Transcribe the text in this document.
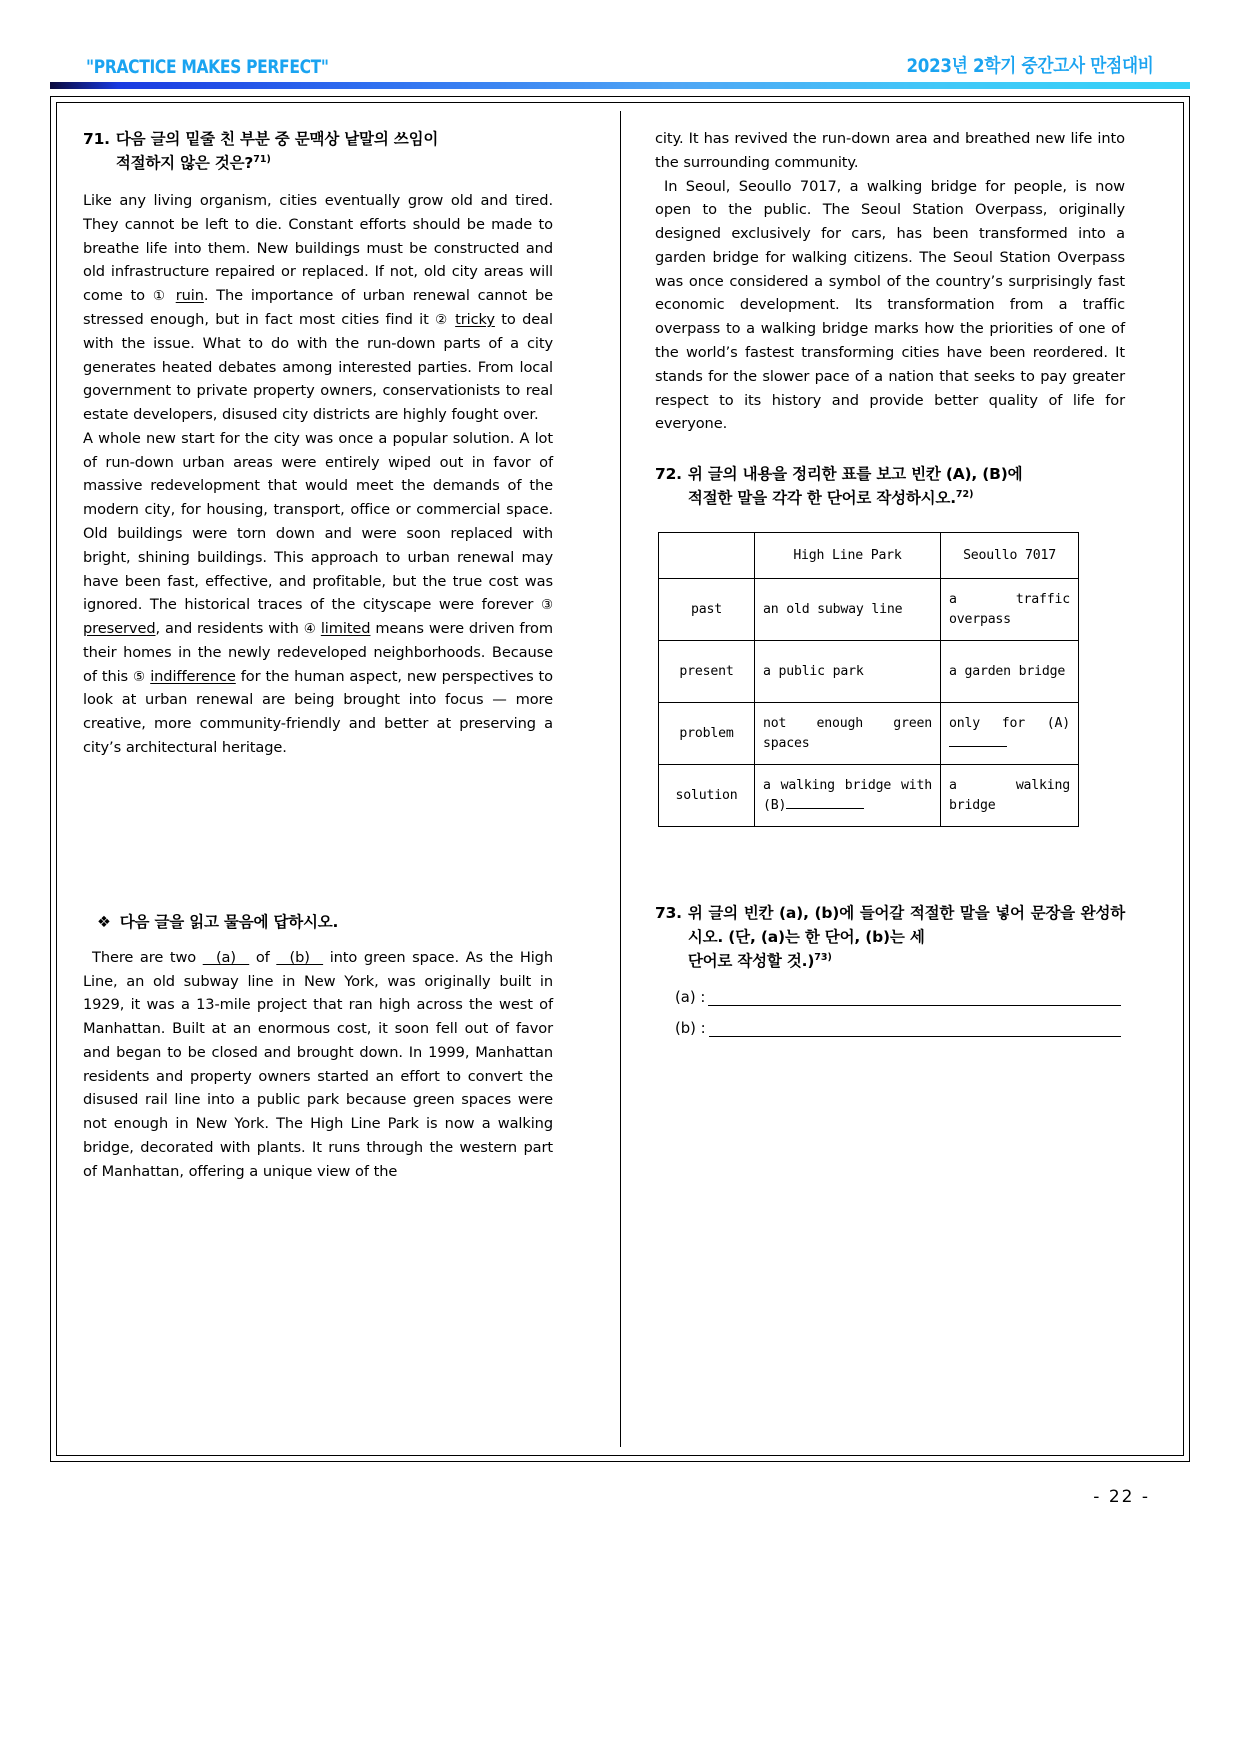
"PRACTICE MAKES PERFECT"	2023년 2학기 중간고사 만점대비
71. 다음 글의 밑줄 친 부분 중 문맥상 낱말의 쓰임이
적절하지 않은 것은?$^{71)}$

Like any living organism, cities eventually grow old and tired. They cannot be left to die. Constant efforts should be made to breathe life into them. New buildings must be constructed and old infrastructure repaired or replaced. If not, old city areas will come to ① ruin. The importance of urban renewal cannot be stressed enough, but in fact most cities find it ② tricky to deal with the issue. What to do with the run-down parts of a city generates heated debates among interested parties. From local government to private property owners, conservationists to real estate developers, disused city districts are highly fought over.

A whole new start for the city was once a popular solution. A lot of run-down urban areas were entirely wiped out in favor of massive redevelopment that would meet the demands of the modern city, for housing, transport, office or commercial space. Old buildings were torn down and were soon replaced with bright, shining buildings. This approach to urban renewal may have been fast, effective, and profitable, but the true cost was ignored. The historical traces of the cityscape were forever ③ preserved, and residents with ④ limited means were driven from their homes in the newly redeveloped neighborhoods. Because of this ⑤ indifference for the human aspect, new perspectives to look at urban renewal are being brought into focus — more creative, more community-friendly and better at preserving a city’s architectural heritage.

❖ 다음 글을 읽고 물음에 답하시오.

There are two   (a)   of   (b)   into green space. As the High Line, an old subway line in New York, was originally built in 1929, it was a 13-mile project that ran high across the west of Manhattan. Built at an enormous cost, it soon fell out of favor and began to be closed and brought down. In 1999, Manhattan residents and property owners started an effort to convert the disused rail line into a public park because green spaces were not enough in New York. The High Line Park is now a walking bridge, decorated with plants. It runs through the western part of Manhattan, offering a unique view of the

city. It has revived the run-down area and breathed new life into the surrounding community.

In Seoul, Seoullo 7017, a walking bridge for people, is now open to the public. The Seoul Station Overpass, originally designed exclusively for cars, has been transformed into a garden bridge for walking citizens. The Seoul Station Overpass was once considered a symbol of the country’s surprisingly fast economic development. Its transformation from a traffic overpass to a walking bridge marks how the priorities of one of the world’s fastest transforming cities have been reordered. It stands for the slower pace of a nation that seeks to pay greater respect to its history and provide better quality of life for everyone.

72. 위 글의 내용을 정리한 표를 보고 빈칸 (A), (B)에
적절한 말을 각각 한 단어로 작성하시오.$^{72)}$
	High Line Park	Seoullo 7017
past	an old subway line	a traffic overpass
present	a public park	a garden bridge
problem	not enough green spaces	only for (A)
solution	a walking bridge with (B)	a walking bridge
73. 위 글의 빈칸 (a), (b)에 들어갈 적절한 말을 넣어 문장을 완성하시오. (단, (a)는 한 단어, (b)는 세
단어로 작성할 것.)$^{73)}$
(a) :
(b) :
- 22 -
